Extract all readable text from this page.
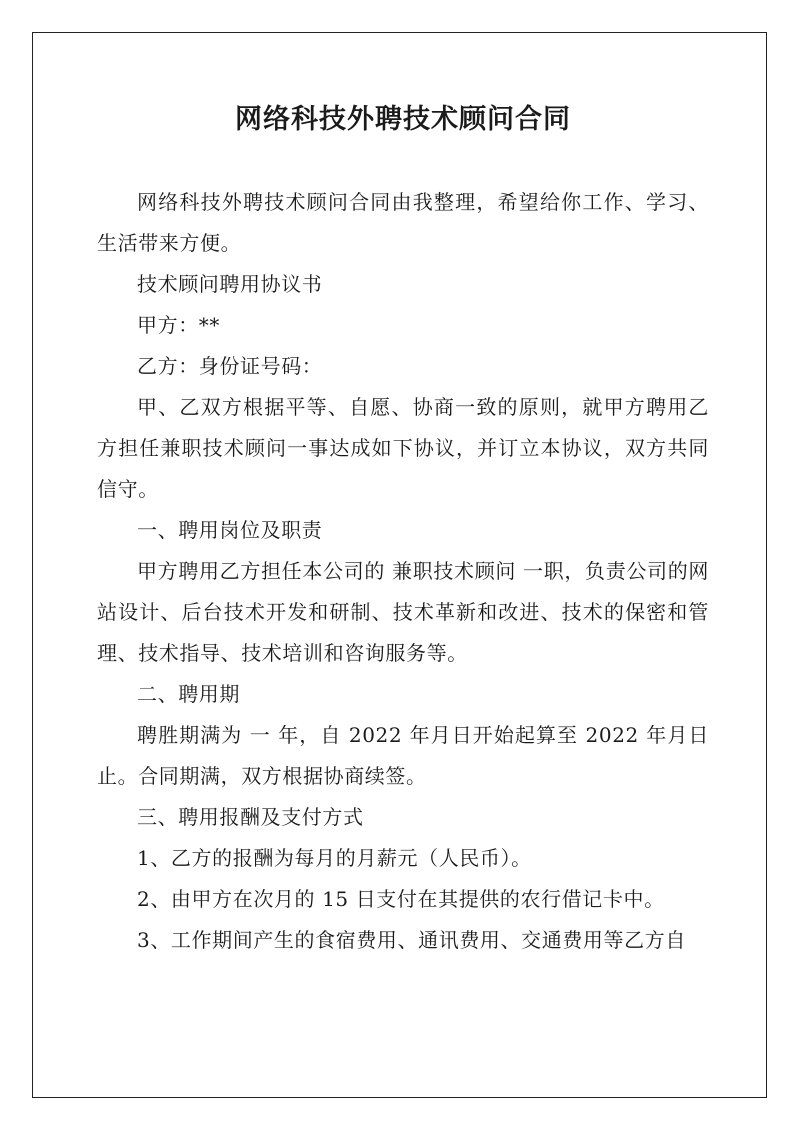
网络科技外聘技术顾问合同

网络科技外聘技术顾问合同由我整理，希望给你工作、学习、生活带来方便。

技术顾问聘用协议书

甲方：**

乙方：身份证号码：

甲、乙双方根据平等、自愿、协商一致的原则，就甲方聘用乙方担任兼职技术顾问一事达成如下协议，并订立本协议，双方共同信守。

一、聘用岗位及职责

甲方聘用乙方担任本公司的 兼职技术顾问 一职，负责公司的网站设计、后台技术开发和研制、技术革新和改进、技术的保密和管理、技术指导、技术培训和咨询服务等。

二、聘用期

聘胜期满为 一 年，自 2022 年月日开始起算至 2022 年月日止。合同期满，双方根据协商续签。

三、聘用报酬及支付方式

1、乙方的报酬为每月的月薪元（人民币）。

2、由甲方在次月的 15 日支付在其提供的农行借记卡中。

3、工作期间产生的食宿费用、通讯费用、交通费用等乙方自
